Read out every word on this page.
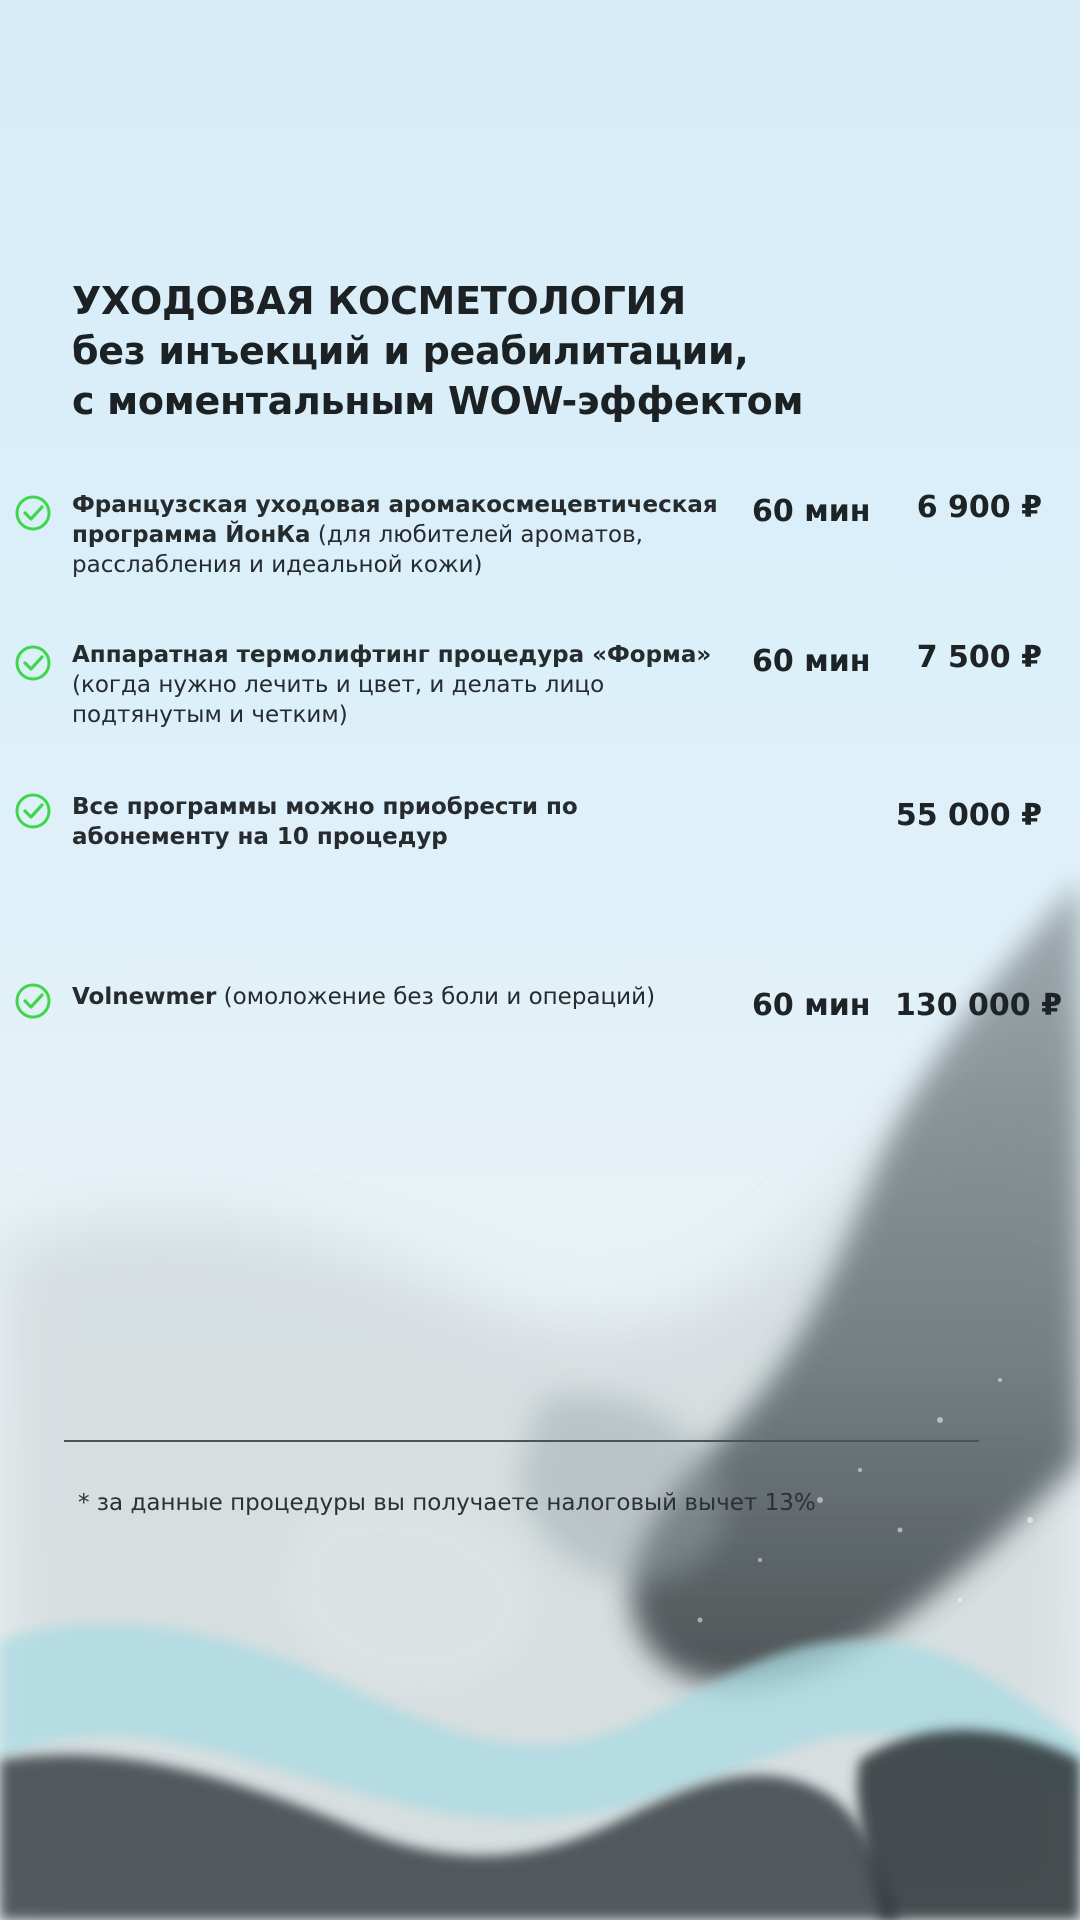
УХОДОВАЯ КОСМЕТОЛОГИЯ
без инъекций и реабилитации,
с моментальным WOW-эффектом

Французская уходовая аромакосмецевтическая программа ЙонКа (для любителей ароматов, расслабления и идеальной кожи)

60 мин 6 900 ₽

Аппаратная термолифтинг процедура «Форма» (когда нужно лечить и цвет, и делать лицо подтянутым и четким)

60 мин 7 500 ₽

Все программы можно приобрести по абонементу на 10 процедур

55 000 ₽

Volnewmer (омоложение без боли и операций)	60 мин 130 000 ₽
* за данные процедуры вы получаете налоговый вычет 13%
